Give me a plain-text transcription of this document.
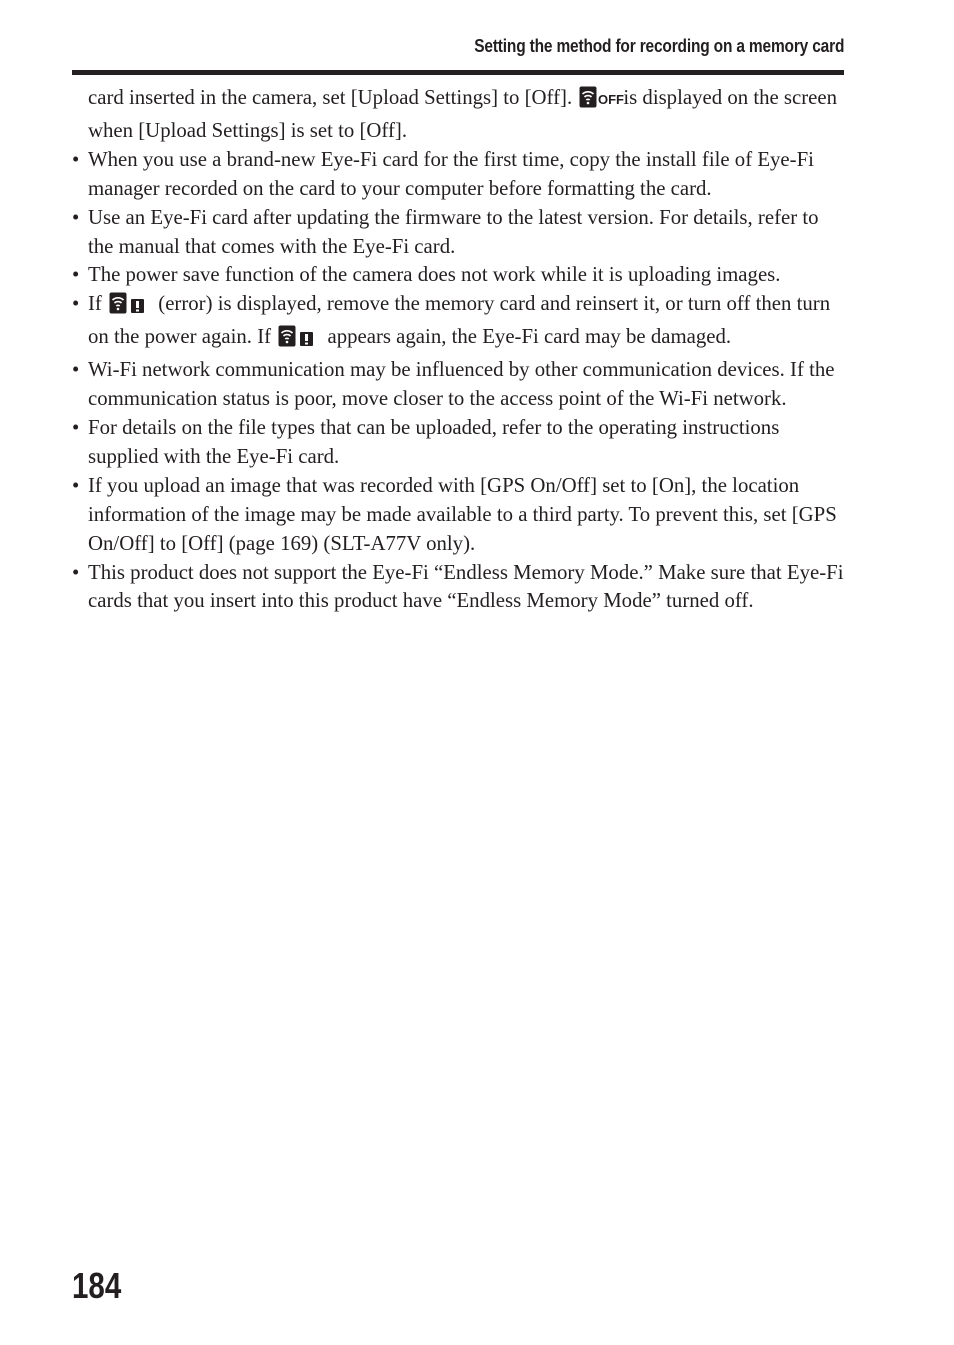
Setting the method for recording on a memory card

card inserted in the camera, set [Upload Settings] to [Off]. OFF is displayed on the screen when [Upload Settings] is set to [Off].

• When you use a brand-new Eye-Fi card for the first time, copy the install file of Eye-Fi manager recorded on the card to your computer before formatting the card.
• Use an Eye-Fi card after updating the firmware to the latest version. For details, refer to the manual that comes with the Eye-Fi card.
• The power save function of the camera does not work while it is uploading images.
• If	(error) is displayed, remove the memory card and reinsert it, or turn off then turn on the power again. If	appears again, the Eye-Fi card may be damaged.
• Wi-Fi network communication may be influenced by other communication devices. If the communication status is poor, move closer to the access point of the Wi-Fi network.
• For details on the file types that can be uploaded, refer to the operating instructions supplied with the Eye-Fi card.
• If you upload an image that was recorded with [GPS On/Off] set to [On], the location information of the image may be made available to a third party. To prevent this, set [GPS On/Off] to [Off] (page 169) (SLT-A77V only).
• This product does not support the Eye-Fi “Endless Memory Mode.” Make sure that Eye-Fi cards that you insert into this product have “Endless Memory Mode” turned off.
184
